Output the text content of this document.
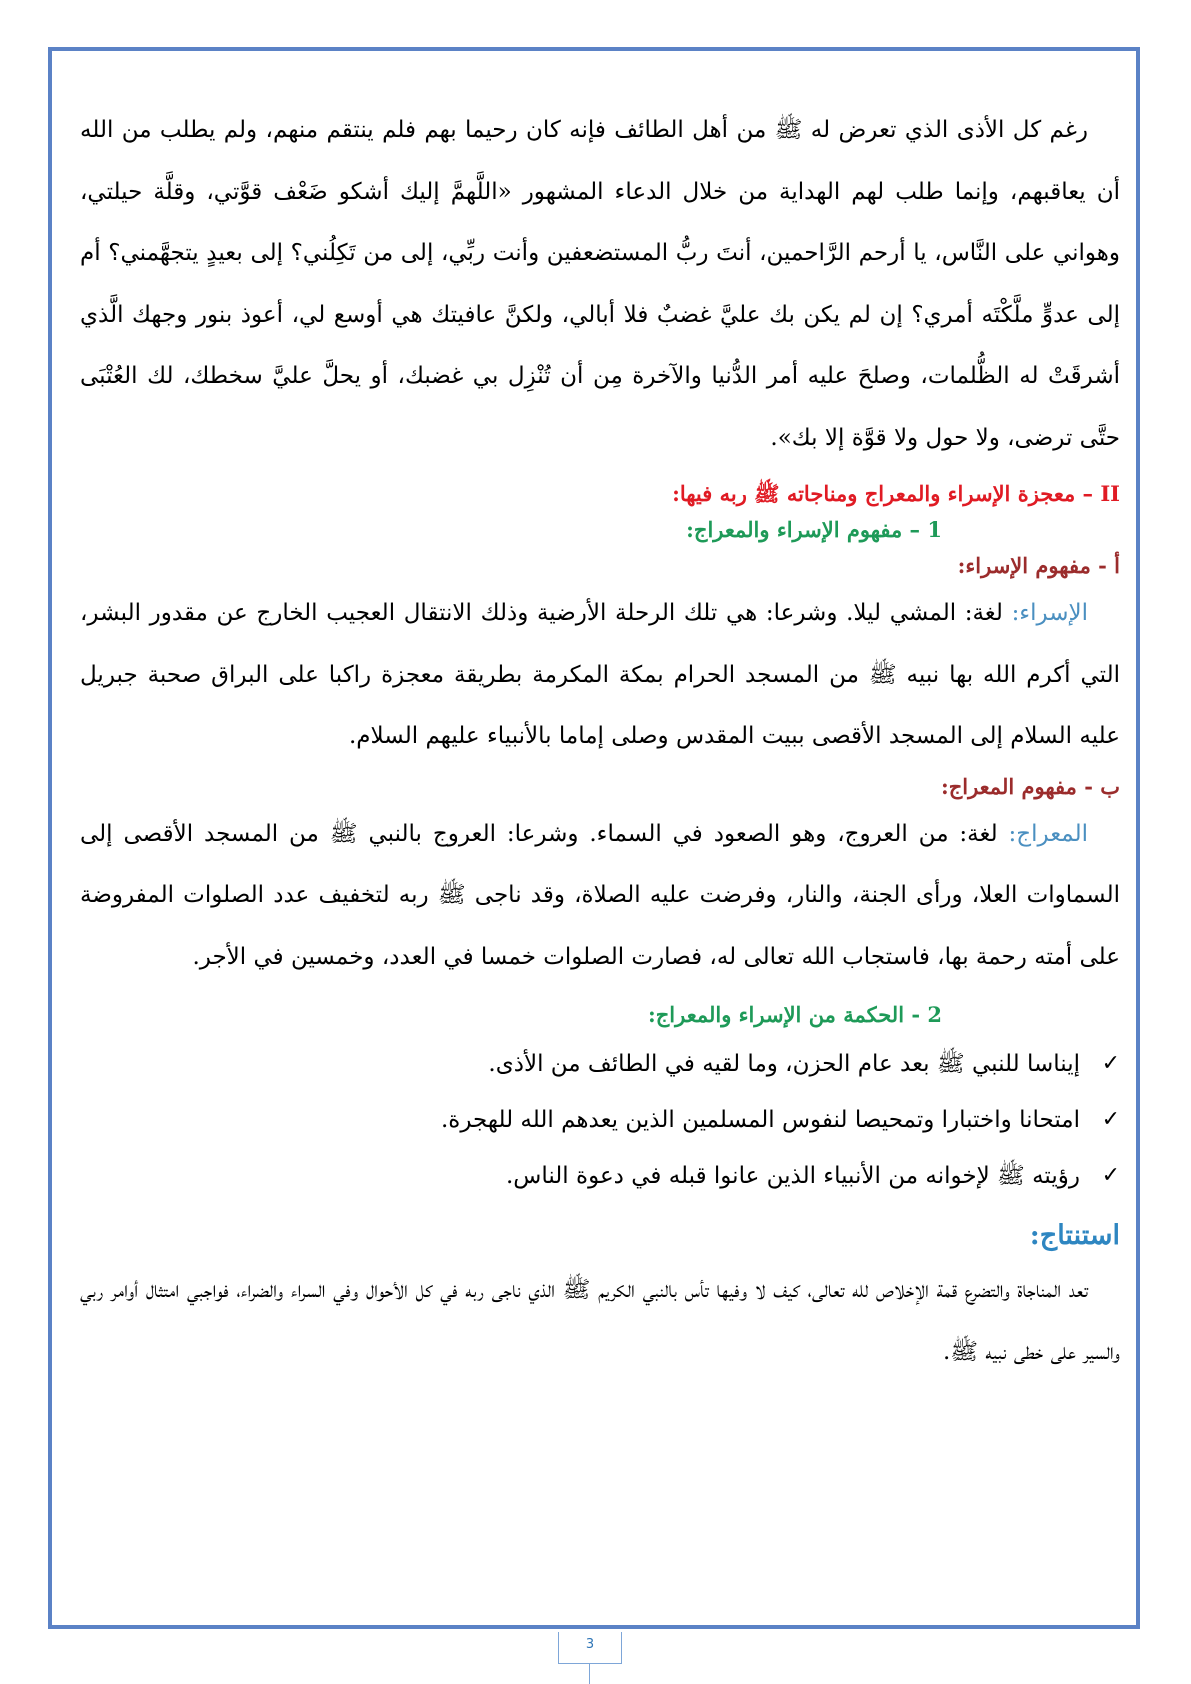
رغم كل الأذى الذي تعرض له ﷺ من أهل الطائف فإنه كان رحيما بهم فلم ينتقم منهم، ولم يطلب من الله أن يعاقبهم، وإنما طلب لهم الهداية من خلال الدعاء المشهور «اللَّهمَّ إليك أشكو ضَعْف قوَّتي، وقلَّة حيلتي، وهواني على النَّاس، يا أرحم الرَّاحمين، أنتَ ربُّ المستضعفين وأنت ربِّي، إلى من تَكِلُني؟ إلى بعيدٍ يتجهَّمني؟ أم إلى عدوٍّ ملَّكْتَه أمري؟ إن لم يكن بك عليَّ غضبٌ فلا أبالي، ولكنَّ عافيتك هي أوسع لي، أعوذ بنور وجهك الَّذي أشرقَتْ له الظُّلمات، وصلحَ عليه أمر الدُّنيا والآخرة مِن أن تُنْزِل بي غضبك، أو يحلَّ عليَّ سخطك، لك العُتْبَى حتَّى ترضى، ولا حول ولا قوَّة إلا بك».

II – معجزة الإسراء والمعراج ومناجاته ﷺ ربه فيها:
1 – مفهوم الإسراء والمعراج:
أ - مفهوم الإسراء:

الإسراء: لغة: المشي ليلا. وشرعا: هي تلك الرحلة الأرضية وذلك الانتقال العجيب الخارج عن مقدور البشر، التي أكرم الله بها نبيه ﷺ من المسجد الحرام بمكة المكرمة بطريقة معجزة راكبا على البراق صحبة جبريل عليه السلام إلى المسجد الأقصى ببيت المقدس وصلى إماما بالأنبياء عليهم السلام.

ب - مفهوم المعراج:

المعراج: لغة: من العروج، وهو الصعود في السماء. وشرعا: العروج بالنبي ﷺ من المسجد الأقصى إلى السماوات العلا، ورأى الجنة، والنار، وفرضت عليه الصلاة، وقد ناجى ﷺ ربه لتخفيف عدد الصلوات المفروضة على أمته رحمة بها، فاستجاب الله تعالى له، فصارت الصلوات خمسا في العدد، وخمسين في الأجر.

2 - الحكمة من الإسراء والمعراج:
✓
إيناسا للنبي ﷺ بعد عام الحزن، وما لقيه في الطائف من الأذى.
✓
امتحانا واختبارا وتمحيصا لنفوس المسلمين الذين يعدهم الله للهجرة.
✓
رؤيته ﷺ لإخوانه من الأنبياء الذين عانوا قبله في دعوة الناس.
استنتاج:

تعد المناجاة والتضرع قمة الإخلاص لله تعالى، كيف لا وفيها تأس بالنبي الكريم ﷺ الذي ناجى ربه في كل الأحوال وفي السراء والضراء، فواجبي امتثال أوامر ربي والسير على خطى نبيه ﷺ.

3
